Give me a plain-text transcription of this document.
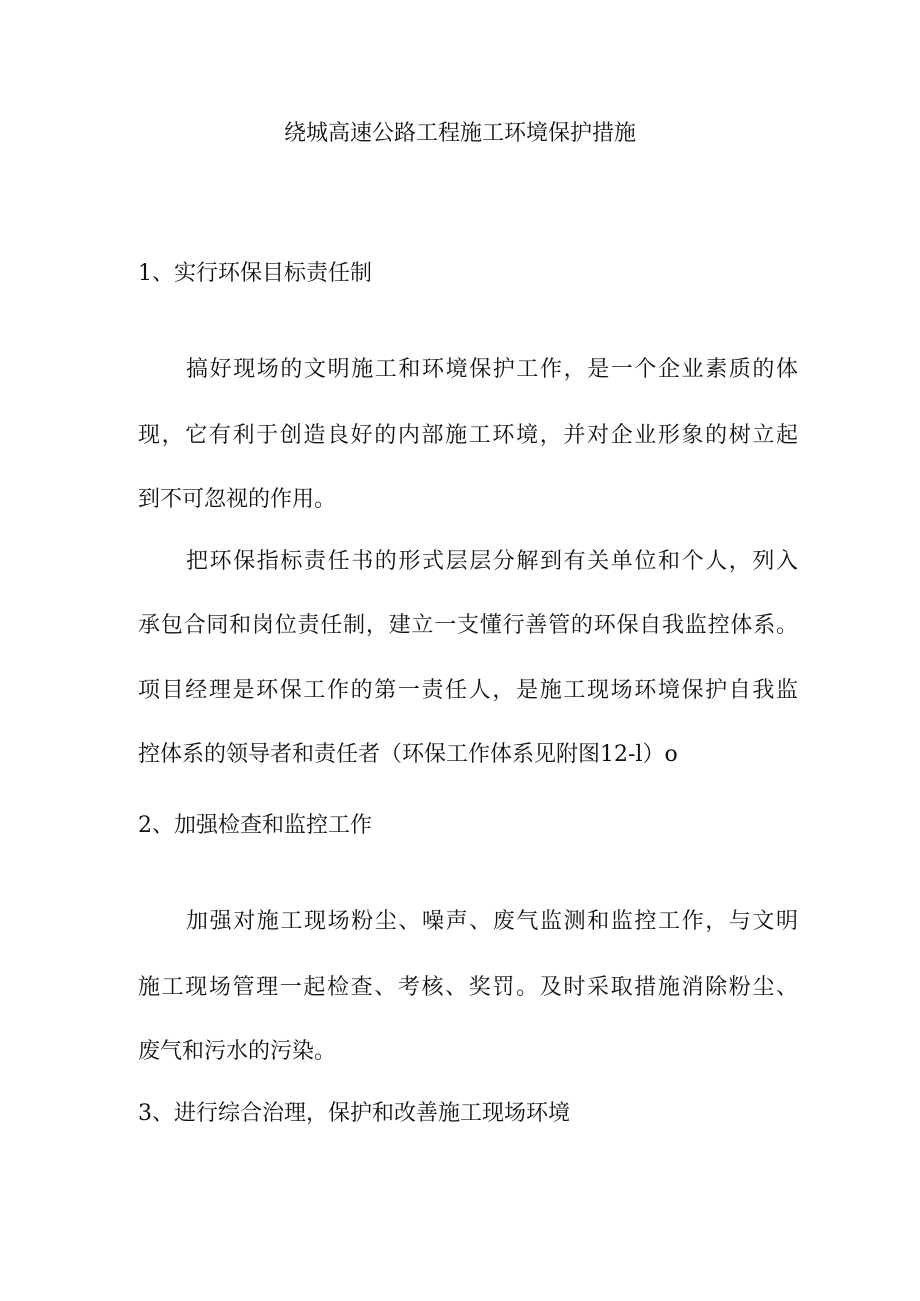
绕城高速公路工程施工环境保护措施
1、实行环保目标责任制
搞好现场的文明施工和环境保护工作，是一个企业素质的体
现，它有利于创造良好的内部施工环境，并对企业形象的树立起
到不可忽视的作用。
把环保指标责任书的形式层层分解到有关单位和个人，列入
承包合同和岗位责任制，建立一支懂行善管的环保自我监控体系。
项目经理是环保工作的第一责任人，是施工现场环境保护自我监
控体系的领导者和责任者（环保工作体系见附图12-l）o
2、加强检查和监控工作
加强对施工现场粉尘、噪声、废气监测和监控工作，与文明
施工现场管理一起检查、考核、奖罚。及时采取措施消除粉尘、
废气和污水的污染。
3、进行综合治理，保护和改善施工现场环境
